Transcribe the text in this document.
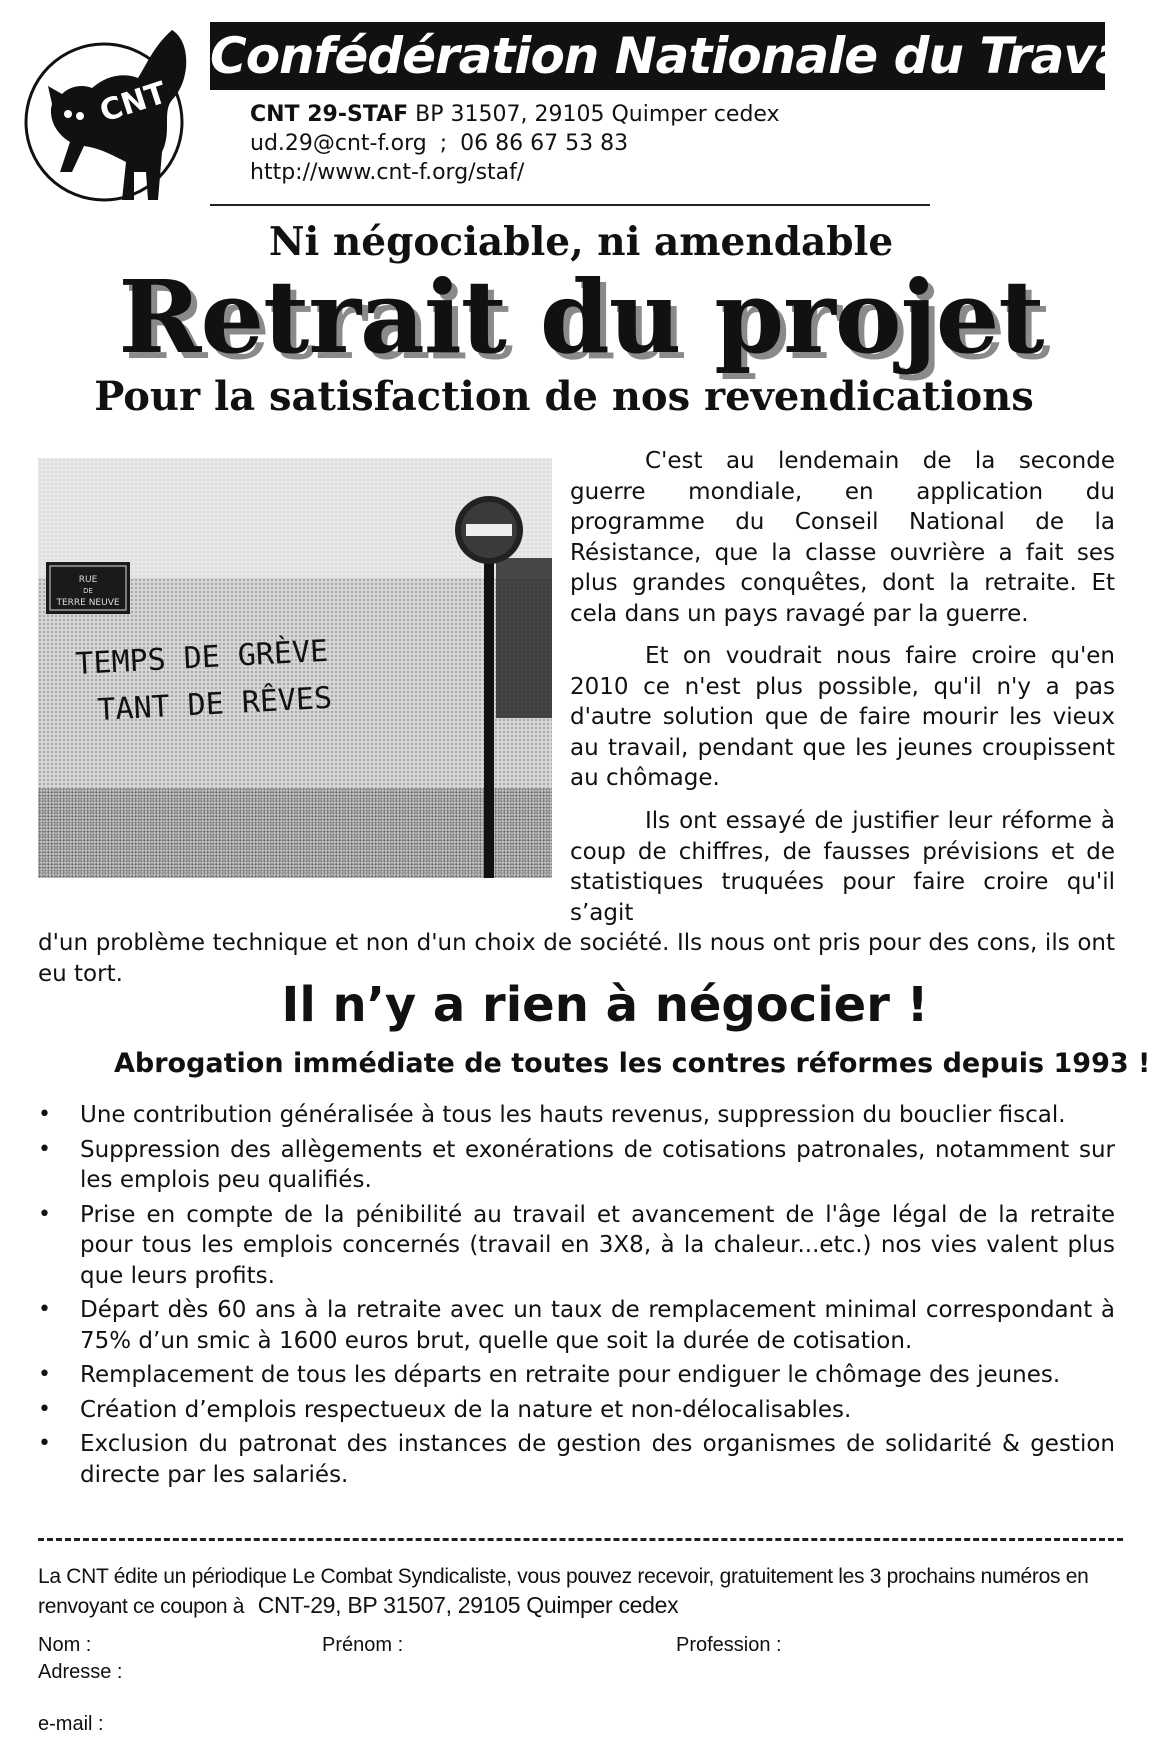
CNT
Confédération Nationale du Travail
CNT 29-STAF BP 31507, 29105 Quimper cedex
ud.29@cnt-f.org ; 06 86 67 53 83
http://www.cnt-f.org/staf/
Ni négociable, ni amendable
Retrait du projet
Pour la satisfaction de nos revendications
RUE
DE
TERRE NEUVE
TEMPS DE GRÈVE
TANT DE RÊVES

C'est au lendemain de la seconde guerre mondiale, en application du programme du Conseil National de la Résistance, que la classe ouvrière a fait ses plus grandes conquêtes, dont la retraite. Et cela dans un pays ravagé par la guerre.

Et on voudrait nous faire croire qu'en 2010 ce n'est plus possible, qu'il n'y a pas d'autre solution que de faire mourir les vieux au travail, pendant que les jeunes croupissent au chômage.

Ils ont essayé de justifier leur réforme à coup de chiffres, de fausses prévisions et de statistiques truquées pour faire croire qu'il s’agit
d'un problème technique et non d'un choix de société. Ils nous ont pris pour des cons, ils ont eu tort.
Il n’y a rien à négocier !
Abrogation immédiate de toutes les contres réformes depuis 1993 !
• Une contribution généralisée à tous les hauts revenus, suppression du bouclier fiscal.
• Suppression des allègements et exonérations de cotisations patronales, notamment sur les emplois peu qualifiés.
• Prise en compte de la pénibilité au travail et avancement de l'âge légal de la retraite pour tous les emplois concernés (travail en 3X8, à la chaleur...etc.) nos vies valent plus que leurs profits.
• Départ dès 60 ans à la retraite avec un taux de remplacement minimal correspondant à 75% d’un smic à 1600 euros brut, quelle que soit la durée de cotisation.
• Remplacement de tous les départs en retraite pour endiguer le chômage des jeunes.
• Création d’emplois respectueux de la nature et non-délocalisables.
• Exclusion du patronat des instances de gestion des organismes de solidarité & gestion directe par les salariés.
La CNT édite un périodique Le Combat Syndicaliste, vous pouvez recevoir, gratuitement les 3 prochains numéros en renvoyant ce coupon à CNT-29, BP 31507, 29105 Quimper cedex
Nom :	Prénom :	Profession :
Adresse :
e-mail :
